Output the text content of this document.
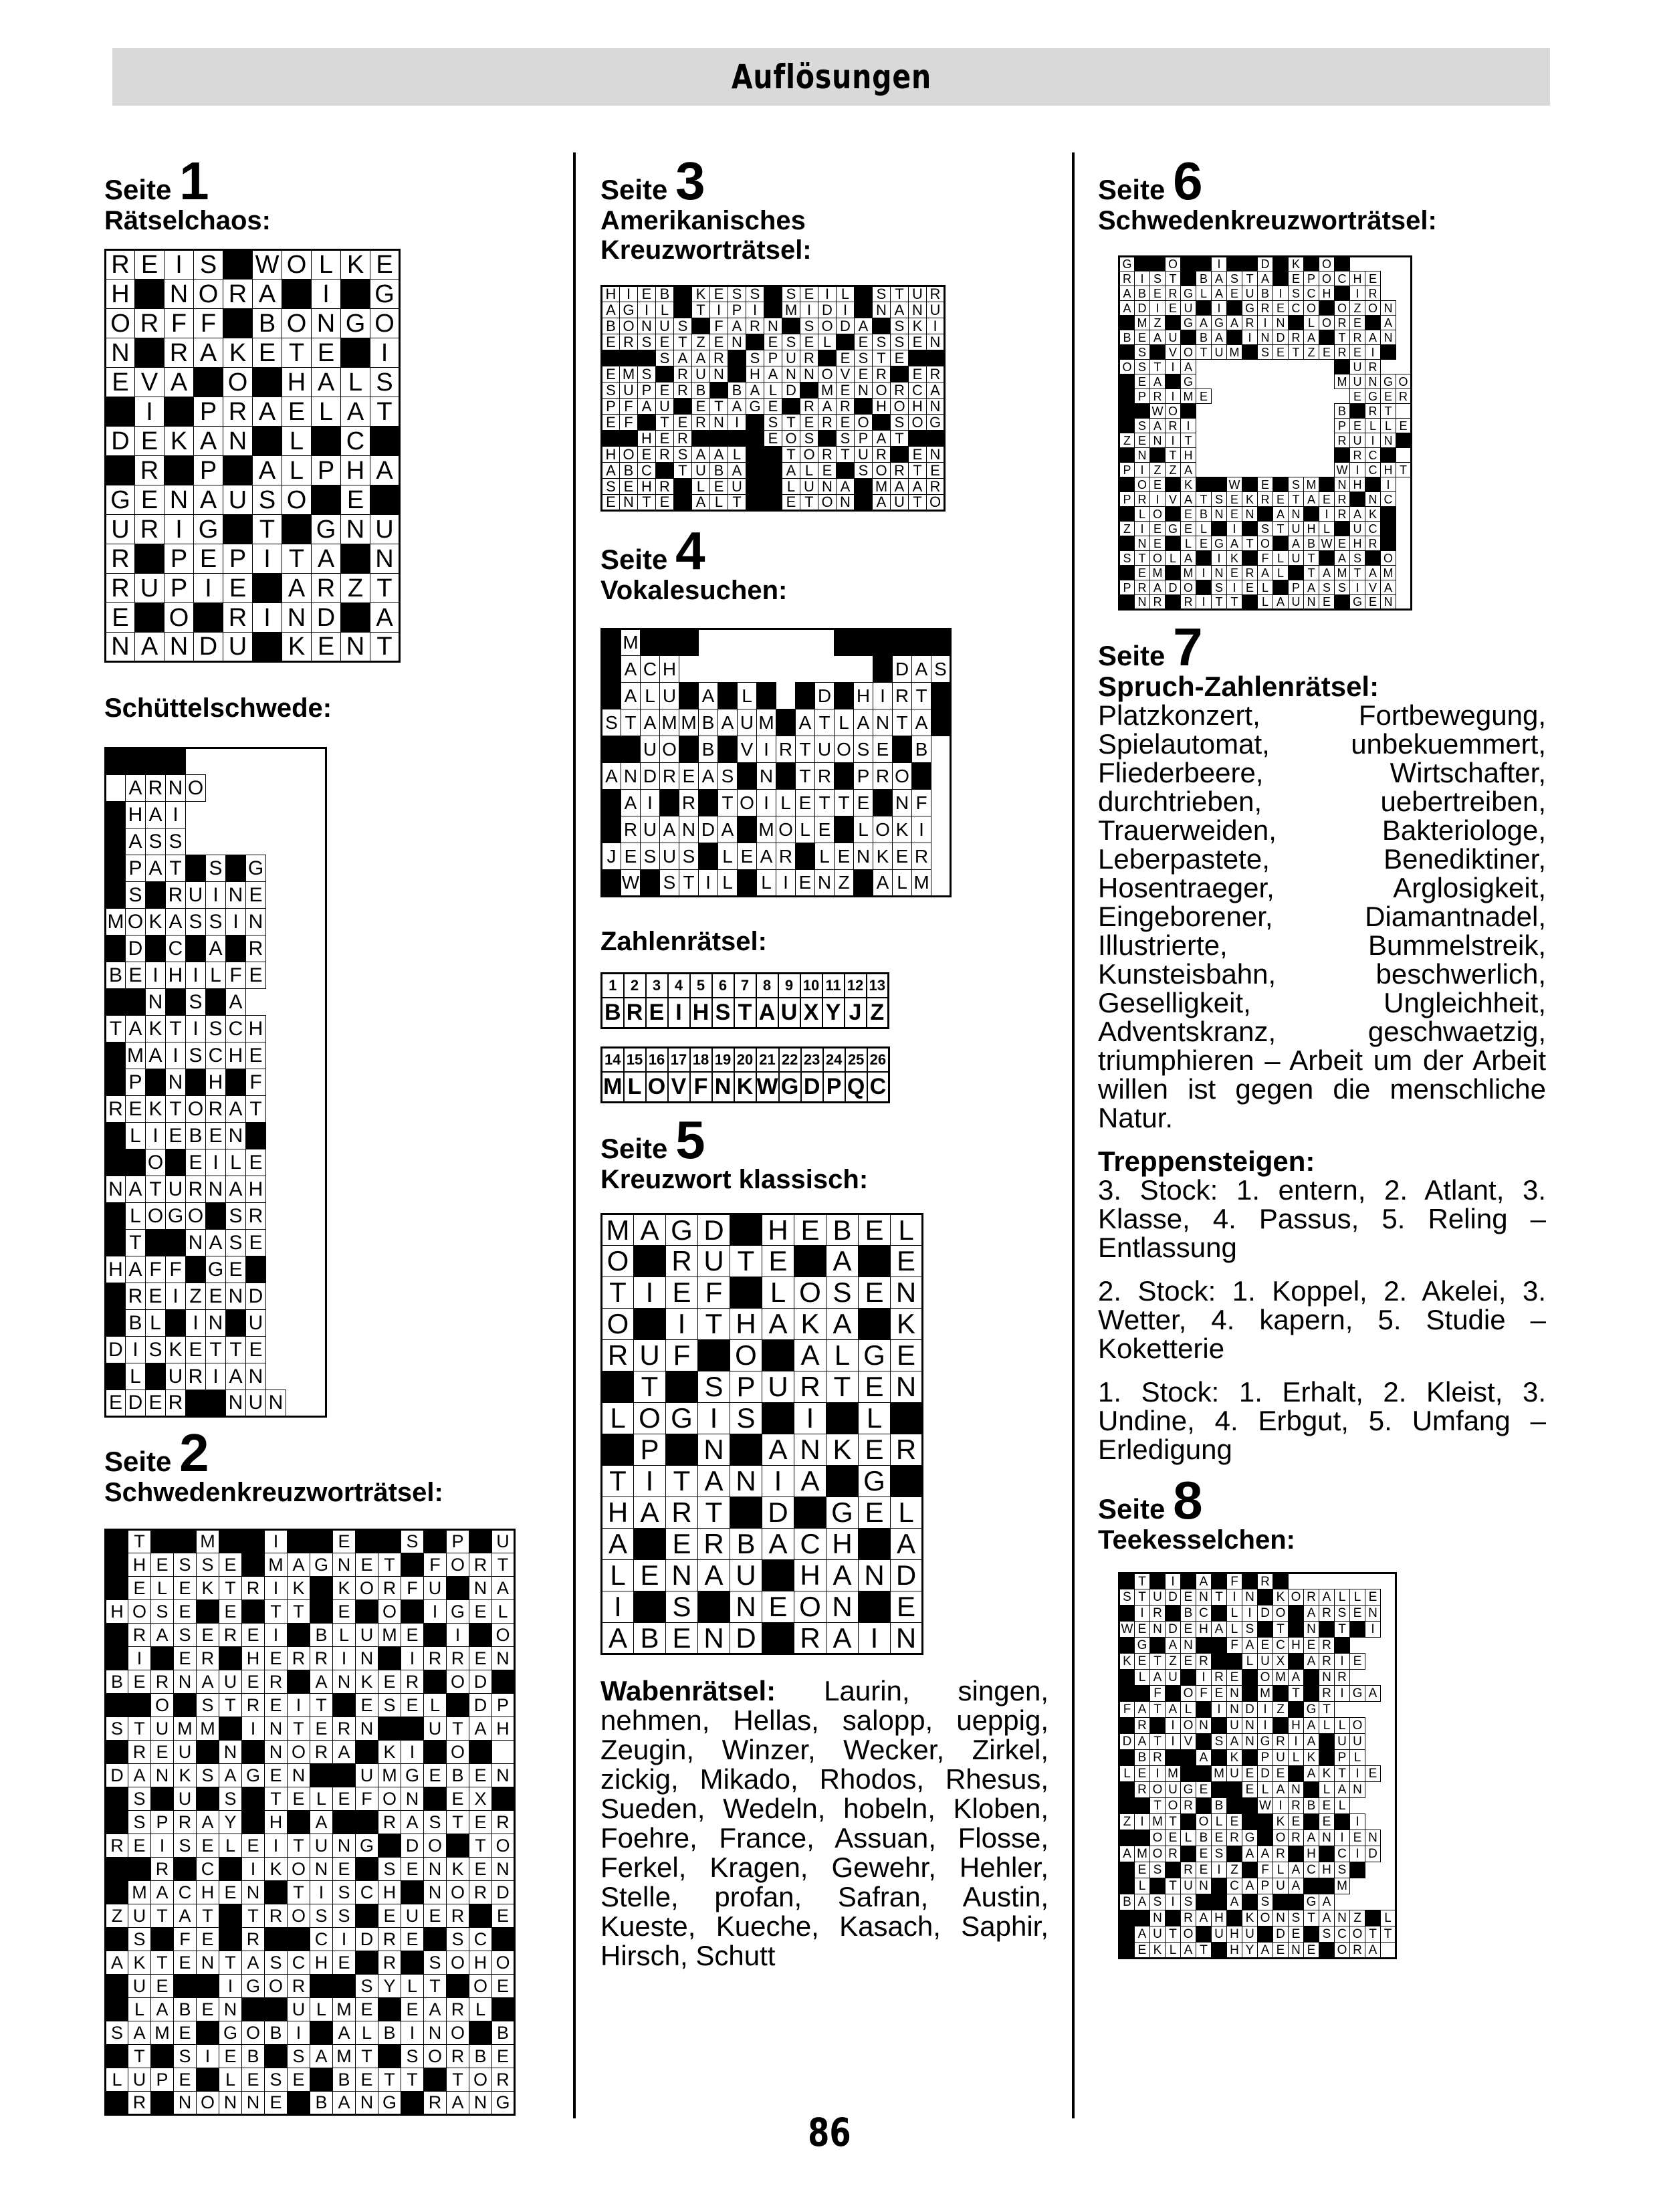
Auflösungen
Seite 1
Rätselchaos:
R	E	I	S		W	O	L	K	E
H		N	O	R	A		I		G
O	R	F	F		B	O	N	G	O
N		R	A	K	E	T	E		I
E	V	A		O		H	A	L	S
	I		P	R	A	E	L	A	T
D	E	K	A	N		L		C	
	R		P		A	L	P	H	A
G	E	N	A	U	S	O		E	
U	R	I	G		T		G	N	U
R		P	E	P	I	T	A		N
R	U	P	I	E		A	R	Z	T
E		O		R	I	N	D		A
N	A	N	D	U		K	E	N	T
Schüttelschwede:

	A	R	N	O						
	H	A	I							
	A	S	S							
	P	A	T		S		G			
	S		R	U	I	N	E			
M	O	K	A	S	S	I	N			
	D		C		A		R			
B	E	I	H	I	L	F	E			
		N		S		A				
T	A	K	T	I	S	C	H			
	M	A	I	S	C	H	E			
	P		N		H		F			
R	E	K	T	O	R	A	T			
	L	I	E	B	E	N				
		O		E	I	L	E			
N	A	T	U	R	N	A	H			
	L	O	G	O		S	R			
	T			N	A	S	E			
H	A	F	F		G	E				
	R	E	I	Z	E	N	D			
	B	L		I	N		U			
D	I	S	K	E	T	T	E			
	L		U	R	I	A	N			
E	D	E	R			N	U	N		
Seite 2
Schwedenkreuzworträtsel:
	T			M			I			E			S		P		U
	H	E	S	S	E		M	A	G	N	E	T		F	O	R	T
	E	L	E	K	T	R	I	K		K	O	R	F	U		N	A
H	O	S	E		E		T	T		E		O		I	G	E	L
	R	A	S	E	R	E	I		B	L	U	M	E		I		O
	I		E	R		H	E	R	R	I	N		I	R	R	E	N
B	E	R	N	A	U	E	R		A	N	K	E	R		O	D	
		O		S	T	R	E	I	T		E	S	E	L		D	P
S	T	U	M	M		I	N	T	E	R	N			U	T	A	H
	R	E	U		N		N	O	R	A		K	I		O		
D	A	N	K	S	A	G	E	N			U	M	G	E	B	E	N
	S		U		S		T	E	L	E	F	O	N		E	X	
	S	P	R	A	Y		H		A			R	A	S	T	E	R
R	E	I	S	E	L	E	I	T	U	N	G		D	O		T	O
		R		C		I	K	O	N	E		S	E	N	K	E	N
	M	A	C	H	E	N		T	I	S	C	H		N	O	R	D
Z	U	T	A	T		T	R	O	S	S		E	U	E	R		E
	S		F	E		R			C	I	D	R	E		S	C	
A	K	T	E	N	T	A	S	C	H	E		R		S	O	H	O
	U	E			I	G	O	R			S	Y	L	T		O	E
	L	A	B	E	N			U	L	M	E		E	A	R	L	
S	A	M	E		G	O	B	I		A	L	B	I	N	O		B
	T		S	I	E	B		S	A	M	T		S	O	R	B	E
L	U	P	E		L	E	S	E		B	E	T	T		T	O	R
	R		N	O	N	N	E		B	A	N	G		R	A	N	G
Seite 3
Amerikanisches
Kreuzworträtsel:
H	I	E	B		K	E	S	S		S	E	I	L		S	T	U	R
A	G	I	L		T	I	P	I		M	I	D	I		N	A	N	U
B	O	N	U	S		F	A	R	N		S	O	D	A		S	K	I
E	R	S	E	T	Z	E	N		E	S	E	L		E	S	S	E	N
			S	A	A	R		S	P	U	R		E	S	T	E		
E	M	S		R	U	N		H	A	N	N	O	V	E	R		E	R
S	U	P	E	R	B		B	A	L	D		M	E	N	O	R	C	A
P	F	A	U		E	T	A	G	E		R	A	R		H	O	H	N
E	F		T	E	R	N	I		S	T	E	R	E	O		S	O	G
		H	E	R					E	O	S		S	P	A	T		
H	O	E	R	S	A	A	L			T	O	R	T	U	R		E	N
A	B	C		T	U	B	A			A	L	E		S	O	R	T	E
S	E	H	R		L	E	U			L	U	N	A		M	A	A	R
E	N	T	E		A	L	T			E	T	O	N		A	U	T	O
Seite 4
Vokalesuchen:
	M																
	A	C	H												D	A	S
	A	L	U		A		L				D		H	I	R	T	
S	T	A	M	M	B	A	U	M		A	T	L	A	N	T	A	
		U	O		B		V	I	R	T	U	O	S	E		B	
A	N	D	R	E	A	S		N		T	R		P	R	O		
	A	I		R		T	O	I	L	E	T	T	E		N	F	
	R	U	A	N	D	A		M	O	L	E		L	O	K	I	
J	E	S	U	S		L	E	A	R		L	E	N	K	E	R	
	W		S	T	I	L		L	I	E	N	Z		A	L	M	
Zahlenrätsel:
1	2	3	4	5	6	7	8	9	10	11	12	13
B	R	E	I	H	S	T	A	U	X	Y	J	Z
14	15	16	17	18	19	20	21	22	23	24	25	26
M	L	O	V	F	N	K	W	G	D	P	Q	C
Seite 5
Kreuzwort klassisch:
M	A	G	D		H	E	B	E	L
O		R	U	T	E		A		E
T	I	E	F		L	O	S	E	N
O		I	T	H	A	K	A		K
R	U	F		O		A	L	G	E
	T		S	P	U	R	T	E	N
L	O	G	I	S		I		L	
	P		N		A	N	K	E	R
T	I	T	A	N	I	A		G	
H	A	R	T		D		G	E	L
A		E	R	B	A	C	H		A
L	E	N	A	U		H	A	N	D
I		S		N	E	O	N		E
A	B	E	N	D		R	A	I	N
Wabenrätsel: Laurin, singen, nehmen, Hellas, salopp, ueppig, Zeugin, Winzer, Wecker, Zirkel, zickig, Mikado, Rhodos, Rhesus, Sueden, Wedeln, hobeln, Kloben, Foehre, France, Assuan, Flosse, Ferkel, Kragen, Gewehr, Hehler, Stelle, profan, Safran, Austin, Kueste, Kueche, Kasach, Saphir, Hirsch, Schutt
Seite 6
Schwedenkreuzworträtsel:
G			O			I			D		K		O					
R	I	S	T		B	A	S	T	A		E	P	O	C	H	E		
A	B	E	R	G	L	A	E	U	B	I	S	C	H		I	R		
A	D	I	E	U		I		G	R	E	C	O		O	Z	O	N	
	M	Z		G	A	G	A	R	I	N		L	O	R	E		A	
B	E	A	U		B	A		I	N	D	R	A		T	R	A	N	
	S		V	O	T	U	M		S	E	T	Z	E	R	E	I		
O	S	T	I	A											U	R		
	E	A		G										M	U	N	G	O
	P	R	I	M	E										E	G	E	R
		W	O											B		R	T	
	S	A	R	I										P	E	L	L	E
Z	E	N	I	T										R	U	I	N	
	N		T	H											R	C		
P	I	Z	Z	A										W	I	C	H	T
	O	E		K			W		E		S	M		N	H		I	
P	R	I	V	A	T	S	E	K	R	E	T	A	E	R		N	C	
	L	O		E	B	N	E	N		A	N		I	R	A	K		
Z	I	E	G	E	L		I		S	T	U	H	L		U	C		
	N	E		L	E	G	A	T	O		A	B	W	E	H	R		
S	T	O	L	A		I	K		F	L	U	T		A	S		O	
	E	M		M	I	N	E	R	A	L		T	A	M	T	A	M	
P	R	A	D	O		S	I	E	L		P	A	S	S	I	V	A	
	N	R		R	I	T	T		L	A	U	N	E		G	E	N	
Seite 7
Spruch-Zahlenrätsel: Platzkonzert, Fortbewegung, Spielautomat, unbekuemmert, Fliederbeere, Wirtschafter, durchtrieben, uebertreiben, Trauerweiden, Bakteriologe, Leberpastete, Benediktiner, Hosentraeger, Arglosigkeit, Eingeborener, Diamantnadel, Illustrierte, Bummelstreik, Kunsteisbahn, beschwerlich, Geselligkeit, Ungleichheit, Adventskranz, geschwaetzig, triumphieren – Arbeit um der Arbeit willen ist gegen die menschliche Natur.
Treppensteigen:
3. Stock: 1. entern, 2. Atlant, 3. Klasse, 4. Passus, 5. Reling – Entlassung
2. Stock: 1. Koppel, 2. Akelei, 3. Wetter, 4. kapern, 5. Studie – Koketterie
1. Stock: 1. Erhalt, 2. Kleist, 3. Undine, 4. Erbgut, 5. Umfang – Erledigung
Seite 8
Teekesselchen:
	T		I		A		F		R								
S	T	U	D	E	N	T	I	N		K	O	R	A	L	L	E	
	I	R		B	C		L	I	D	O		A	R	S	E	N	
W	E	N	D	E	H	A	L	S		T		N		T		I	
	G		A	N			F	A	E	C	H	E	R				
K	E	T	Z	E	R			L	U	X		A	R	I	E		
	L	A	U		I	R	E		O	M	A		N	R			
		F		O	F	E	N		M		T		R	I	G	A	
F	A	T	A	L		I	N	D	I	Z		G	T				
	R		I	O	N		U	N	I		H	A	L	L	O		
D	A	T	I	V		S	A	N	G	R	I	A		U	U		
	B	R			A		K		P	U	L	K		P	L		
L	E	I	M			M	U	E	D	E		A	K	T	I	E	
	R	O	U	G	E			E	L	A	N		L	A	N		
		T	O	R		B			W	I	R	B	E	L			
Z	I	M	T		O	L	E			K	E		E		I		
		O	E	L	B	E	R	G		O	R	A	N	I	E	N	
A	M	O	R		E	S		A	A	R		H		C	I	D	
	E	S		R	E	I	Z		F	L	A	C	H	S			
	L		T	U	N		C	A	P	U	A			M			
B	A	S	I	S			A		S			G	A				
		N		R	A	H		K	O	N	S	T	A	N	Z		L
	A	U	T	O		U	H	U		D	E		S	C	O	T	T
	E	K	L	A	T		H	Y	A	E	N	E		O	R	A	
86
